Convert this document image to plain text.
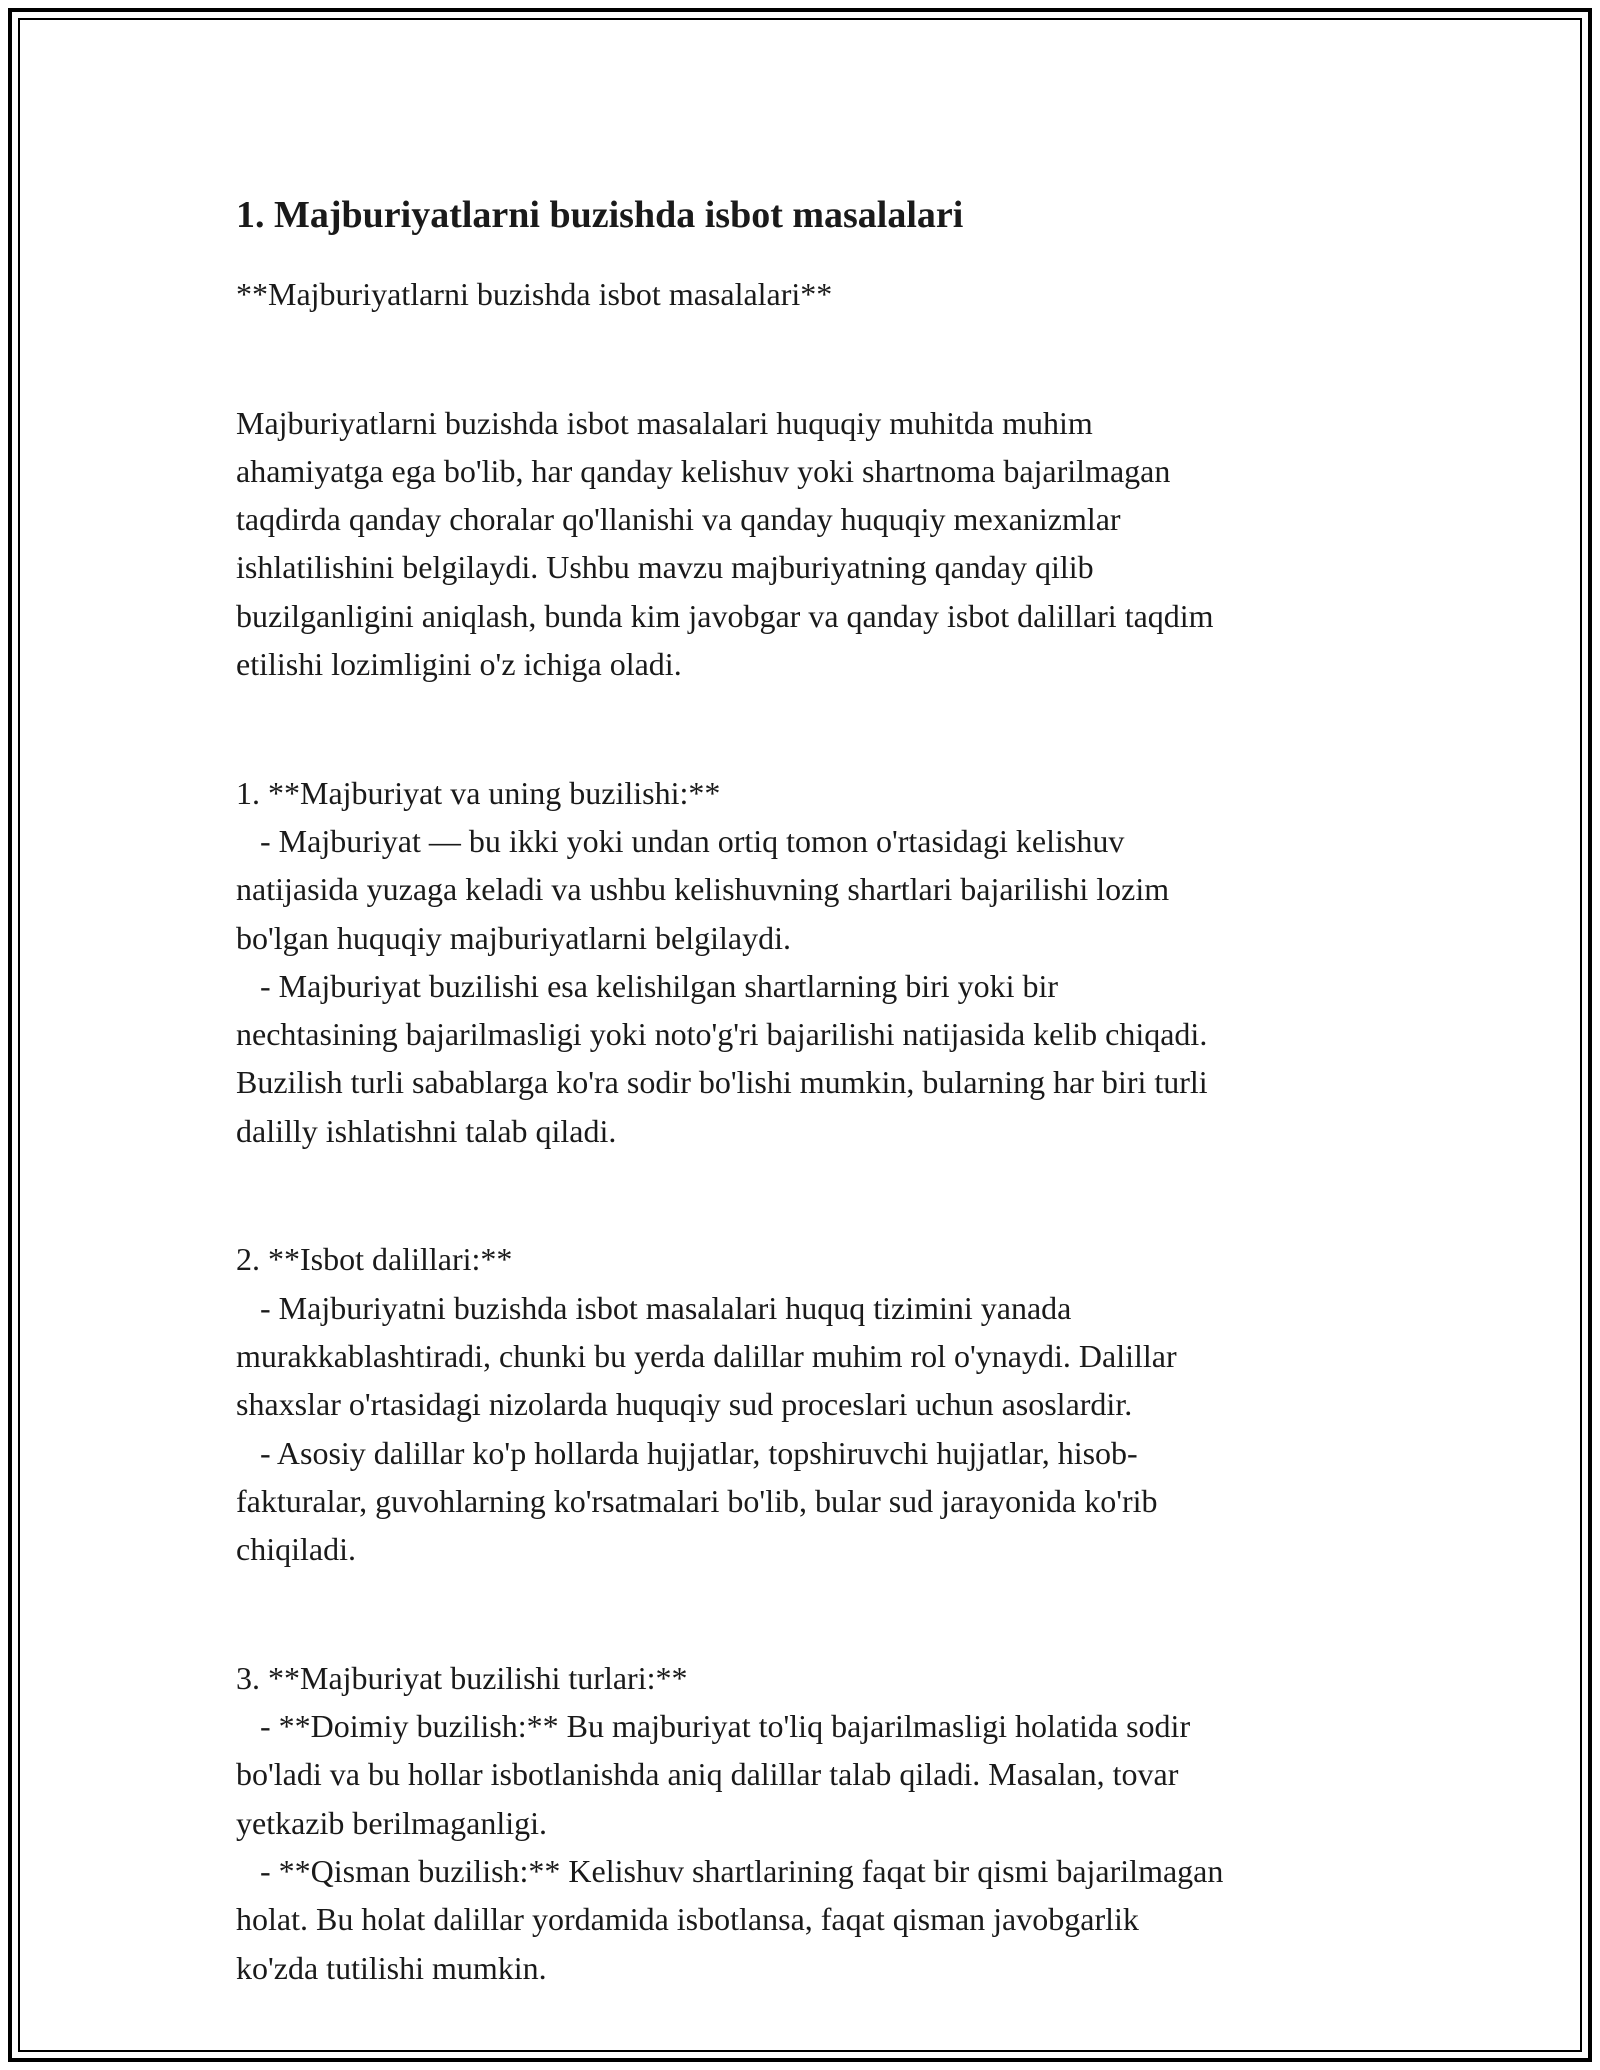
1. Majburiyatlarni buzishda isbot masalalari

**Majburiyatlarni buzishda isbot masalalari**

Majburiyatlarni buzishda isbot masalalari huquqiy muhitda muhim

ahamiyatga ega bo'lib, har qanday kelishuv yoki shartnoma bajarilmagan

taqdirda qanday choralar qo'llanishi va qanday huquqiy mexanizmlar

ishlatilishini belgilaydi. Ushbu mavzu majburiyatning qanday qilib

buzilganligini aniqlash, bunda kim javobgar va qanday isbot dalillari taqdim

etilishi lozimligini o'z ichiga oladi.

1. **Majburiyat va uning buzilishi:**

- Majburiyat — bu ikki yoki undan ortiq tomon o'rtasidagi kelishuv

natijasida yuzaga keladi va ushbu kelishuvning shartlari bajarilishi lozim

bo'lgan huquqiy majburiyatlarni belgilaydi.

- Majburiyat buzilishi esa kelishilgan shartlarning biri yoki bir

nechtasining bajarilmasligi yoki noto'g'ri bajarilishi natijasida kelib chiqadi.

Buzilish turli sabablarga ko'ra sodir bo'lishi mumkin, bularning har biri turli

dalilly ishlatishni talab qiladi.

2. **Isbot dalillari:**

- Majburiyatni buzishda isbot masalalari huquq tizimini yanada

murakkablashtiradi, chunki bu yerda dalillar muhim rol o'ynaydi. Dalillar

shaxslar o'rtasidagi nizolarda huquqiy sud proceslari uchun asoslardir.

- Asosiy dalillar ko'p hollarda hujjatlar, topshiruvchi hujjatlar, hisob-

fakturalar, guvohlarning ko'rsatmalari bo'lib, bular sud jarayonida ko'rib

chiqiladi.

3. **Majburiyat buzilishi turlari:**

- **Doimiy buzilish:** Bu majburiyat to'liq bajarilmasligi holatida sodir

bo'ladi va bu hollar isbotlanishda aniq dalillar talab qiladi. Masalan, tovar

yetkazib berilmaganligi.

- **Qisman buzilish:** Kelishuv shartlarining faqat bir qismi bajarilmagan

holat. Bu holat dalillar yordamida isbotlansa, faqat qisman javobgarlik

ko'zda tutilishi mumkin.
